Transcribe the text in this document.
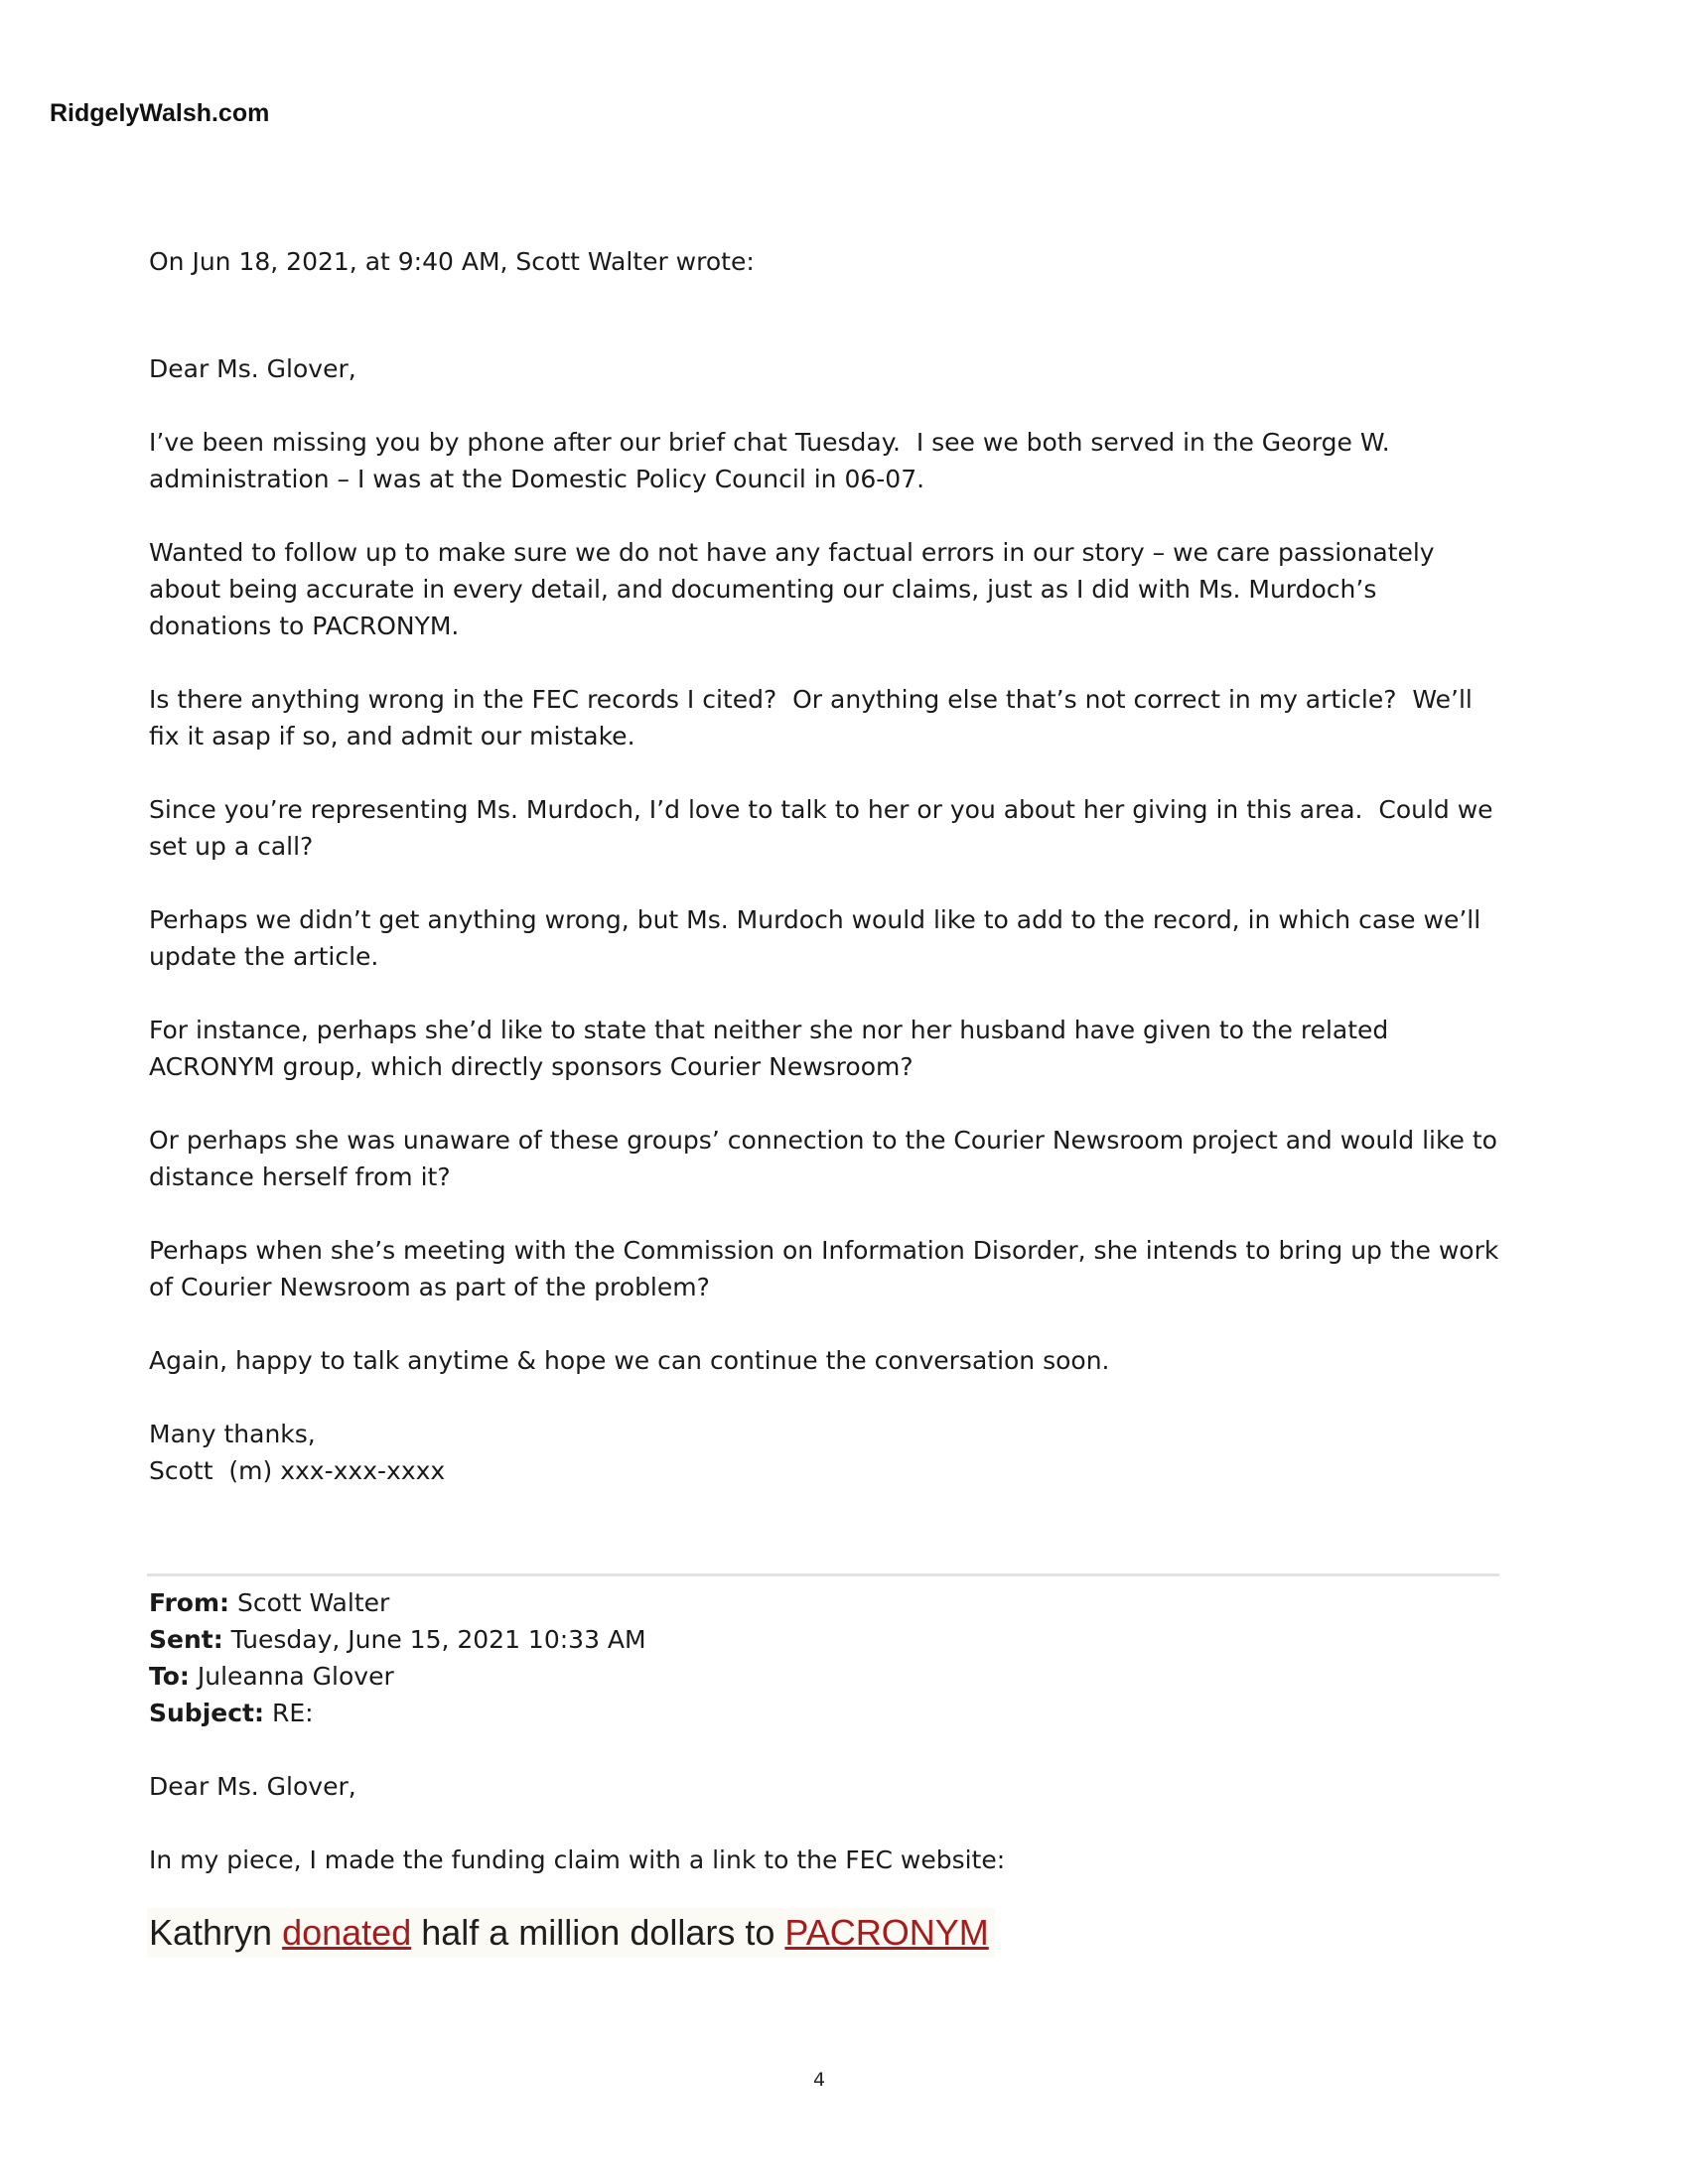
RidgelyWalsh.com

On Jun 18, 2021, at 9:40 AM, Scott Walter wrote:

Dear Ms. Glover,

I’ve been missing you by phone after our brief chat Tuesday.  I see we both served in the George W. administration – I was at the Domestic Policy Council in 06-07.

Wanted to follow up to make sure we do not have any factual errors in our story – we care passionately about being accurate in every detail, and documenting our claims, just as I did with Ms. Murdoch’s donations to PACRONYM.

Is there anything wrong in the FEC records I cited?  Or anything else that’s not correct in my article?  We’ll fix it asap if so, and admit our mistake.

Since you’re representing Ms. Murdoch, I’d love to talk to her or you about her giving in this area.  Could we set up a call?

Perhaps we didn’t get anything wrong, but Ms. Murdoch would like to add to the record, in which case we’ll update the article.

For instance, perhaps she’d like to state that neither she nor her husband have given to the related ACRONYM group, which directly sponsors Courier Newsroom?

Or perhaps she was unaware of these groups’ connection to the Courier Newsroom project and would like to distance herself from it?

Perhaps when she’s meeting with the Commission on Information Disorder, she intends to bring up the work of Courier Newsroom as part of the problem?

Again, happy to talk anytime & hope we can continue the conversation soon.

Many thanks,

Scott  (m) xxx-xxx-xxxx

From: Scott Walter

Sent: Tuesday, June 15, 2021 10:33 AM

To: Juleanna Glover

Subject: RE:

Dear Ms. Glover,

In my piece, I made the funding claim with a link to the FEC website:

Kathryn donated half a million dollars to PACRONYM
4
